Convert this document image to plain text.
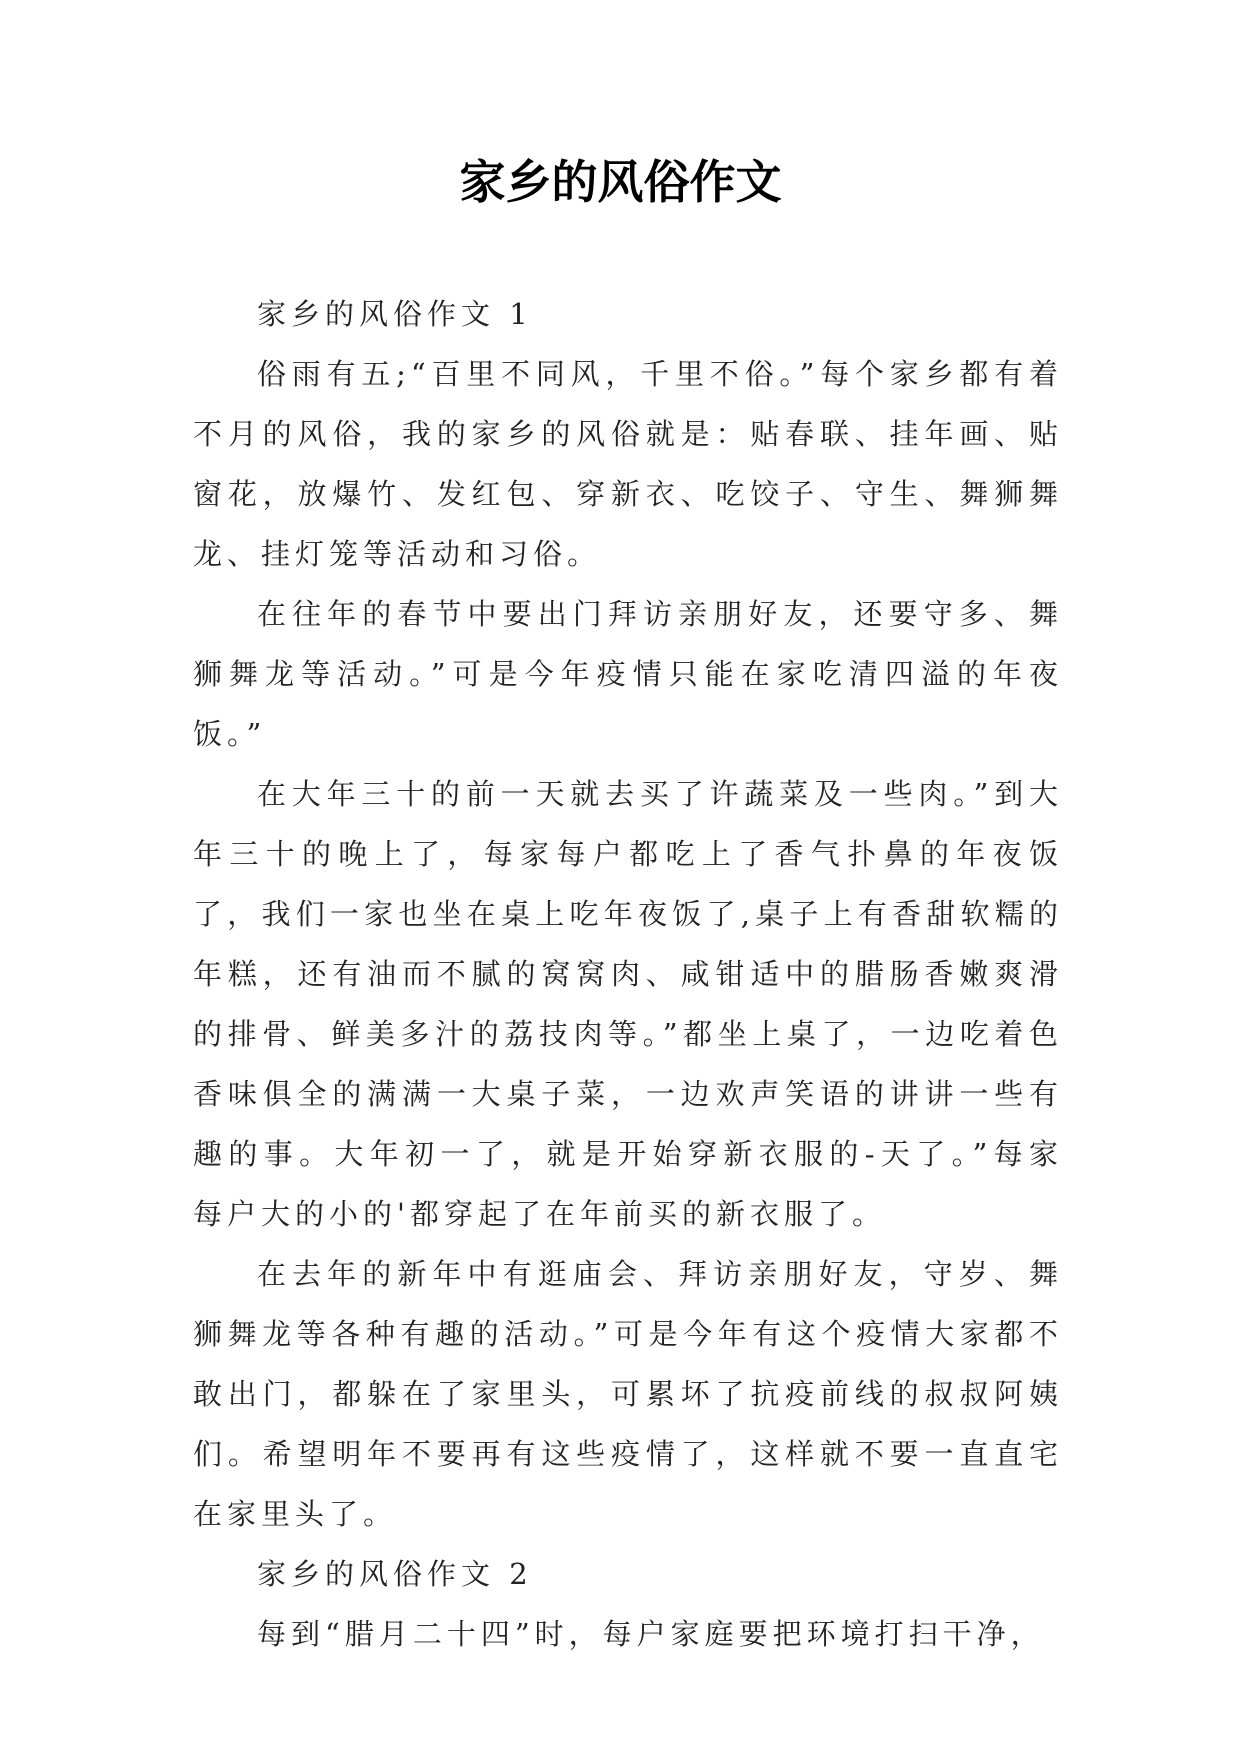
家乡的风俗作文

家乡的风俗作文 1

俗雨有五;“百里不同风，千里不俗。”每个家乡都有着不月的风俗，我的家乡的风俗就是：贴春联、挂年画、贴窗花，放爆竹、发红包、穿新衣、吃饺子、守生、舞狮舞龙、挂灯笼等活动和习俗。

在往年的春节中要出门拜访亲朋好友，还要守多、舞狮舞龙等活动。”可是今年疫情只能在家吃清四溢的年夜饭。”

在大年三十的前一天就去买了许蔬菜及一些肉。”到大年三十的晚上了，每家每户都吃上了香气扑鼻的年夜饭了，我们一家也坐在桌上吃年夜饭了,桌子上有香甜软糯的年糕，还有油而不腻的窝窝肉、咸钳适中的腊肠香嫩爽滑的排骨、鲜美多汁的荔技肉等。”都坐上桌了，一边吃着色香味俱全的满满一大桌子菜，一边欢声笑语的讲讲一些有趣的事。大年初一了，就是开始穿新衣服的-天了。”每家每户大的小的'都穿起了在年前买的新衣服了。

在去年的新年中有逛庙会、拜访亲朋好友，守岁、舞狮舞龙等各种有趣的活动。”可是今年有这个疫情大家都不敢出门，都躲在了家里头，可累坏了抗疫前线的叔叔阿姨们。希望明年不要再有这些疫情了，这样就不要一直直宅在家里头了。

家乡的风俗作文 2

每到“腊月二十四”时，每户家庭要把环境打扫干净，
